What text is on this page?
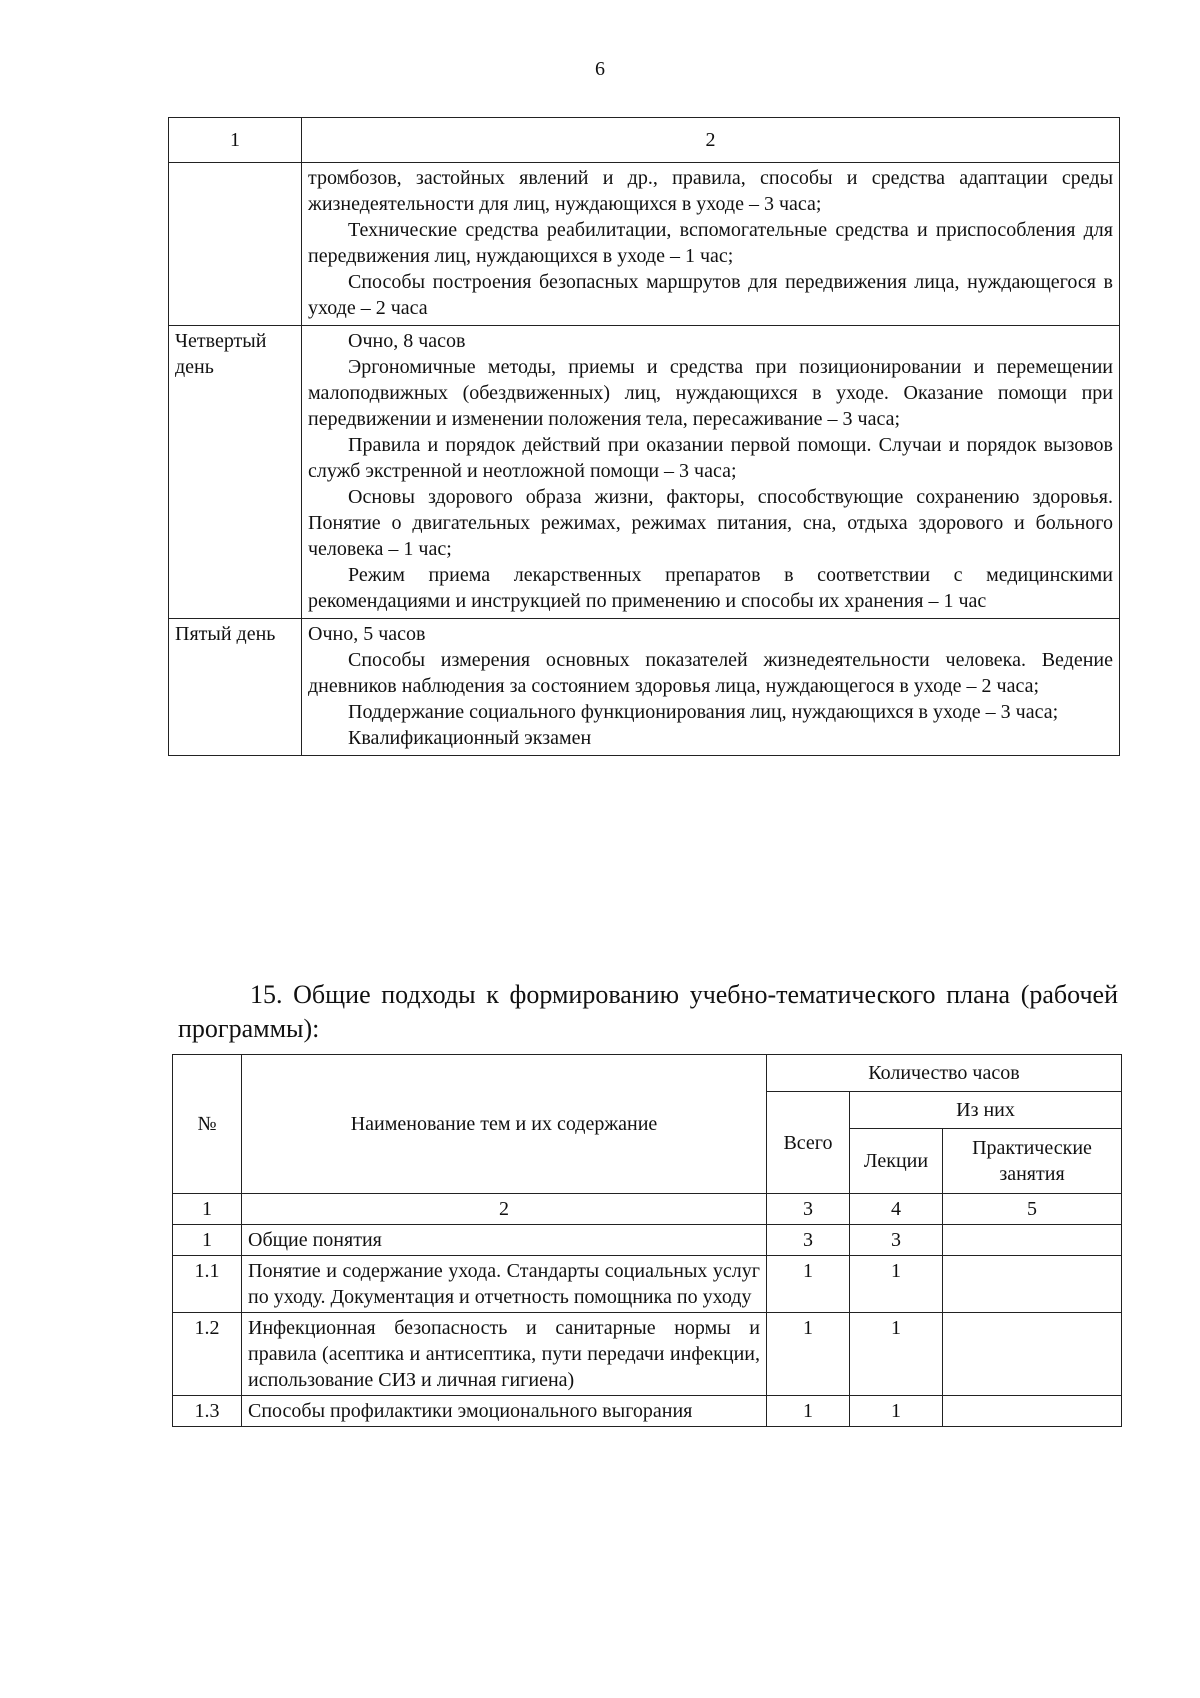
6
1	2

	тромбозов, застойных явлений и др., правила, способы и средства адаптации среды жизнедеятельности для лиц, нуждающихся в уходе – 3 часа;
Технические средства реабилитации, вспомогательные средства и приспособления для передвижения лиц, нуждающихся в уходе – 1 час;
Способы построения безопасных маршрутов для передвижения лица, нуждающегося в уходе – 2 часа

Четвертый день	Очно, 8 часов
Эргономичные методы, приемы и средства при позиционировании и перемещении малоподвижных (обездвиженных) лиц, нуждающихся в уходе. Оказание помощи при передвижении и изменении положения тела, пересаживание – 3 часа;
Правила и порядок действий при оказании первой помощи. Случаи и порядок вызовов служб экстренной и неотложной помощи – 3 часа;
Основы здорового образа жизни, факторы, способствующие сохранению здоровья. Понятие о двигательных режимах, режимах питания, сна, отдыха здорового и больного человека – 1 час;
Режим приема лекарственных препаратов в соответствии с медицинскими рекомендациями и инструкцией по применению и способы их хранения – 1 час

Пятый день	Очно, 5 часов
Способы измерения основных показателей жизнедеятельности человека. Ведение дневников наблюдения за состоянием здоровья лица, нуждающегося в уходе – 2 часа;
Поддержание социального функционирования лиц, нуждающихся в уходе – 3 часа;
Квалификационный экзамен
15. Общие подходы к формированию учебно-тематического плана (рабочей программы):
№	Наименование тем и их содержание	Количество часов		
		Всего	Из них	
			Лекции	Практические занятия
1	2	3	4	5
1	Общие понятия	3	3	
1.1	Понятие и содержание ухода. Стандарты социальных услуг по уходу. Документация и отчетность помощника по уходу	1	1	
1.2	Инфекционная безопасность и санитарные нормы и правила (асептика и антисептика, пути передачи инфекции, использование СИЗ и личная гигиена)	1	1	
1.3	Способы профилактики эмоционального выгорания	1	1	
